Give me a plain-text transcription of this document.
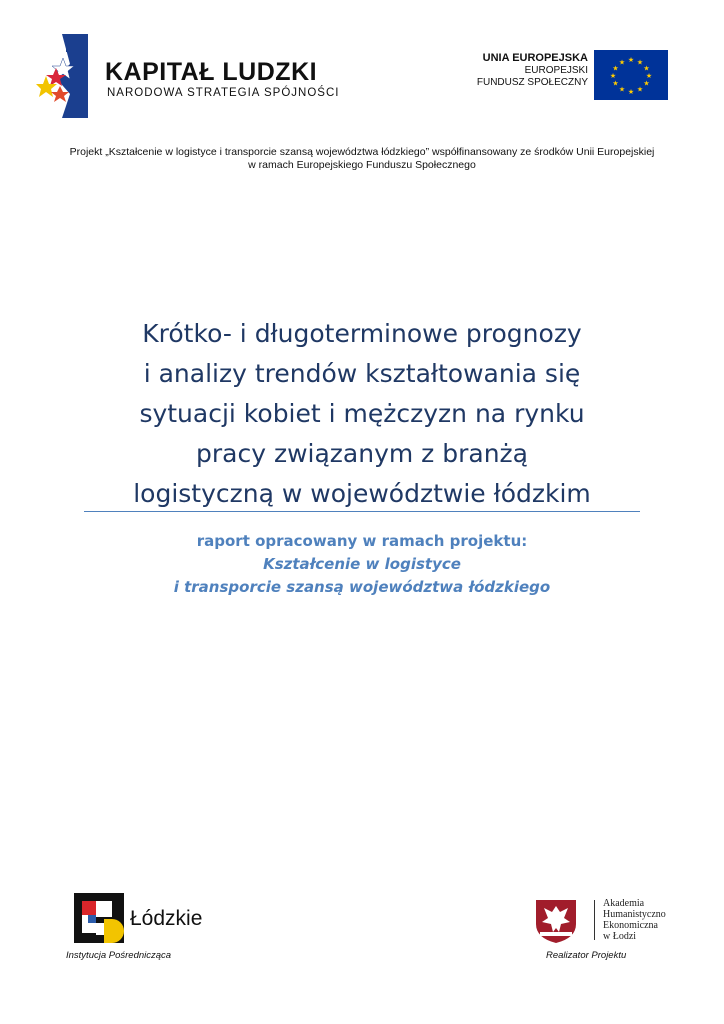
KAPITAŁ LUDZKI
NARODOWA STRATEGIA SPÓJNOŚCI
UNIA EUROPEJSKA
EUROPEJSKI
FUNDUSZ SPOŁECZNY
★ ★
★
★
★
★
★
★
★
★
★
★
Projekt „Kształcenie w logistyce i transporcie szansą województwa łódzkiego” współfinansowany ze środków Unii Europejskiej
w ramach Europejskiego Funduszu Społecznego
Krótko- i długoterminowe prognozy
i analizy trendów kształtowania się
sytuacji kobiet i mężczyzn na rynku
pracy związanym z branżą
logistyczną w województwie łódzkim
raport opracowany w ramach projektu:
Kształcenie w logistyce
i transporcie szansą województwa łódzkiego
Łódzkie
Instytucja Pośrednicząca
Akademia
Humanistyczno
Ekonomiczna
w Łodzi
Realizator Projektu
